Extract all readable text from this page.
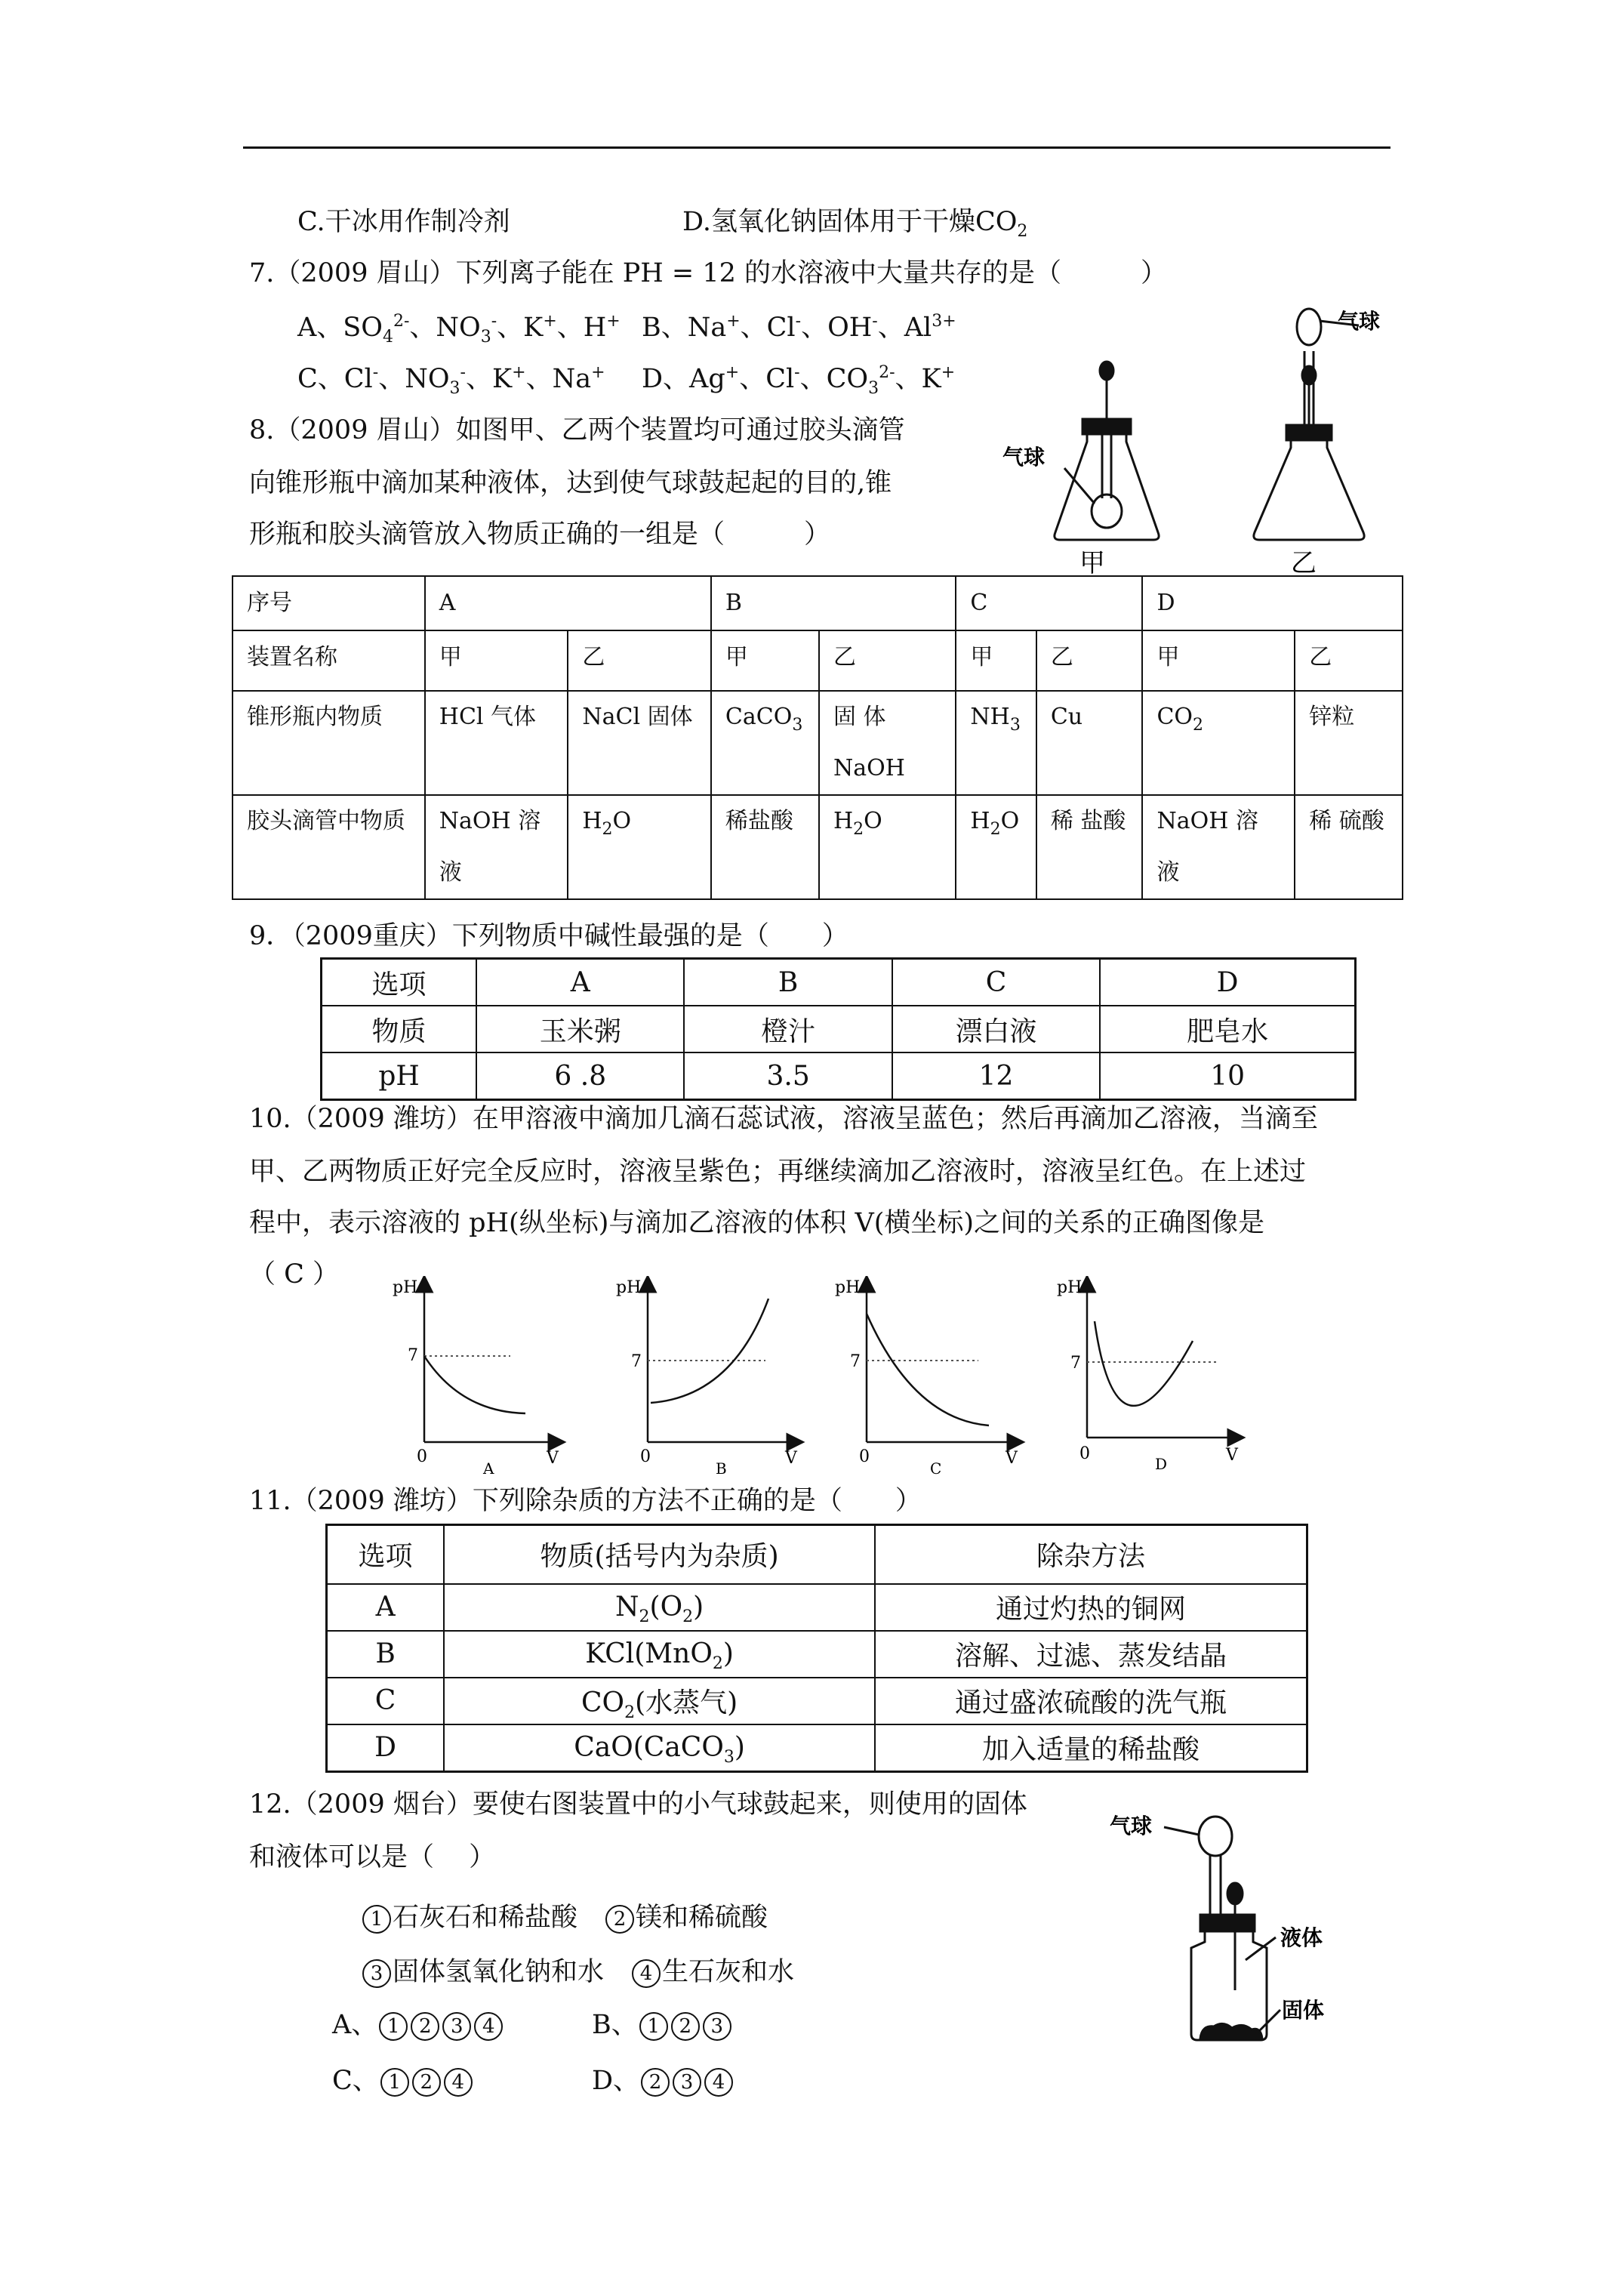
C.干冰用作制冷剂	D.氢氧化钠固体用于干燥$CO_2$
7.（2009 眉山）下列离子能在 PH = 12 的水溶液中大量共存的是（　　　）
A、$SO_4^{2-}$、$NO_3^-$、K+、H+ B、Na+、Cl-、OH-、$Al^{3+}$
C、Cl-、$NO_3^-$、K+、Na+ D、Ag+、Cl-、$CO_3^{2-}$、K+
8.（2009 眉山）如图甲、乙两个装置均可通过胶头滴管
向锥形瓶中滴加某种液体，达到使气球鼓起起的目的,锥
形瓶和胶头滴管放入物质正确的一组是（　　　）
气球
气球
甲	乙
序号	A		B		C		D	
装置名称	甲	乙	甲	乙	甲	乙	甲	乙
锥形瓶内物质	HCl 气体	NaCl 固体	CaCO$_3$	固 体 NaOH	$NH_3$	Cu	$CO_2$	锌粒
胶头滴管中物质	NaOH 溶液	$H_2O$	稀盐酸	$H_2O$	$H_2O$	稀 盐酸	NaOH 溶液	稀 硫酸
9．（2009重庆）下列物质中碱性最强的是（　　）
选项	A	B	C	D
物质	玉米粥	橙汁	漂白液	肥皂水
pH	6 .8	3.5	12	10
10.（2009 潍坊）在甲溶液中滴加几滴石蕊试液，溶液呈蓝色；然后再滴加乙溶液，当滴至
甲、乙两物质正好完全反应时，溶液呈紫色；再继续滴加乙溶液时，溶液呈红色。在上述过
程中，表示溶液的 pH(纵坐标)与滴加乙溶液的体积 V(横坐标)之间的关系的正确图像是
（ C ）	pH
7
0	V
A
pH
7
0	V
B
pH
7
0	V
C
pH
7
0	V
D
11.（2009 潍坊）下列除杂质的方法不正确的是（　　）
选项	物质(括号内为杂质)	除杂方法
A	$N_2(O_2)$	通过灼热的铜网
B	KCl(MnO$_2$)	溶解、过滤、蒸发结晶
C	$CO_2$(水蒸气)	通过盛浓硫酸的洗气瓶
D	CaO(CaCO$_3$)	加入适量的稀盐酸
12.（2009 烟台）要使右图装置中的小气球鼓起来，则使用的固体
和液体可以是（　 ）
1 石灰石和稀盐酸　 2 镁和稀硫酸
3 固体氢氧化钠和水　 4 生石灰和水
A、 1 2 3 4	B、 1 2 3
C、 1 2 4	D、 2 3 4
气球
液体
固体
